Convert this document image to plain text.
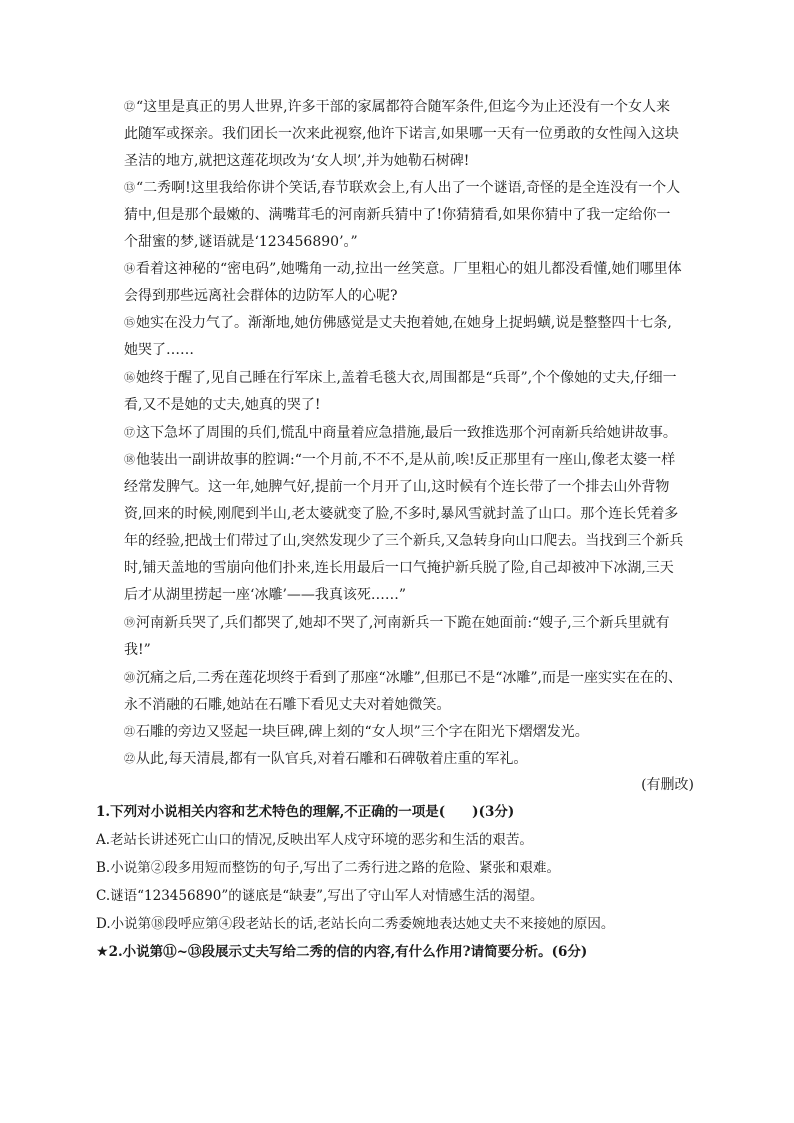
⑫“这里是真正的男人世界,许多干部的家属都符合随军条件,但迄今为止还没有一个女人来此随军或探亲。我们团长一次来此视察,他许下诺言,如果哪一天有一位勇敢的女性闯入这块圣洁的地方,就把这莲花坝改为‘女人坝’,并为她勒石树碑!

⑬“二秀啊!这里我给你讲个笑话,春节联欢会上,有人出了一个谜语,奇怪的是全连没有一个人猜中,但是那个最嫩的、满嘴茸毛的河南新兵猜中了!你猜猜看,如果你猜中了我一定给你一个甜蜜的梦,谜语就是‘123456890’。”

⑭看着这神秘的“密电码”,她嘴角一动,拉出一丝笑意。厂里粗心的姐儿都没看懂,她们哪里体会得到那些远离社会群体的边防军人的心呢?

⑮她实在没力气了。渐渐地,她仿佛感觉是丈夫抱着她,在她身上捉蚂蟥,说是整整四十七条,她哭了……

⑯她终于醒了,见自己睡在行军床上,盖着毛毯大衣,周围都是“兵哥”,个个像她的丈夫,仔细一看,又不是她的丈夫,她真的哭了!

⑰这下急坏了周围的兵们,慌乱中商量着应急措施,最后一致推选那个河南新兵给她讲故事。

⑱他装出一副讲故事的腔调:“一个月前,不不不,是从前,唉!反正那里有一座山,像老太婆一样经常发脾气。这一年,她脾气好,提前一个月开了山,这时候有个连长带了一个排去山外背物资,回来的时候,刚爬到半山,老太婆就变了脸,不多时,暴风雪就封盖了山口。那个连长凭着多年的经验,把战士们带过了山,突然发现少了三个新兵,又急转身向山口爬去。当找到三个新兵时,铺天盖地的雪崩向他们扑来,连长用最后一口气掩护新兵脱了险,自己却被冲下冰湖,三天后才从湖里捞起一座‘冰雕’——我真该死……”

⑲河南新兵哭了,兵们都哭了,她却不哭了,河南新兵一下跪在她面前:“嫂子,三个新兵里就有我!”

⑳沉痛之后,二秀在莲花坝终于看到了那座“冰雕”,但那已不是“冰雕”,而是一座实实在在的、永不消融的石雕,她站在石雕下看见丈夫对着她微笑。

㉑石雕的旁边又竖起一块巨碑,碑上刻的“女人坝”三个字在阳光下熠熠发光。

㉒从此,每天清晨,都有一队官兵,对着石雕和石碑敬着庄重的军礼。

(有删改)

1.下列对小说相关内容和艺术特色的理解,不正确的一项是(　　)(3分)

A.老站长讲述死亡山口的情况,反映出军人戍守环境的恶劣和生活的艰苦。

B.小说第②段多用短而整饬的句子,写出了二秀行进之路的危险、紧张和艰难。

C.谜语“123456890”的谜底是“缺妻”,写出了守山军人对情感生活的渴望。

D.小说第⑱段呼应第④段老站长的话,老站长向二秀委婉地表达她丈夫不来接她的原因。

★2.小说第⑪~⑬段展示丈夫写给二秀的信的内容,有什么作用?请简要分析。(6分)
